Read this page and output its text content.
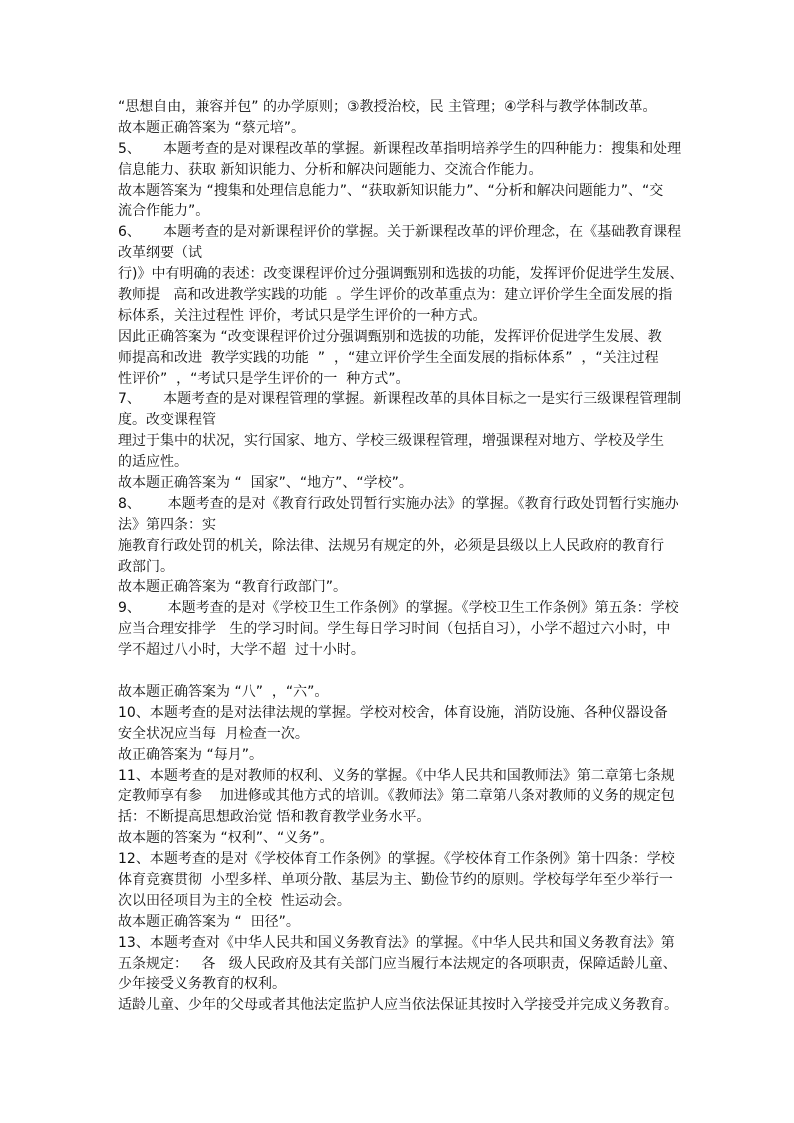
“思想自由，兼容并包” 的办学原则；③教授治校，民 主管理；④学科与教学体制改革。
故本题正确答案为 “蔡元培”。
5、     本题考查的是对课程改革的掌握。新课程改革指明培养学生的四种能力：搜集和处理
信息能力、获取 新知识能力、分析和解决问题能力、交流合作能力。
故本题答案为 “搜集和处理信息能力”、“获取新知识能力”、“分析和解决问题能力”、“交
流合作能力”。
6、     本题考查的是对新课程评价的掌握。关于新课程改革的评价理念，在《基础教育课程
改革纲要（试
行)》中有明确的表述：改变课程评价过分强调甄别和选拔的功能，发挥评价促进学生发展、
教师提   高和改进教学实践的功能  。学生评价的改革重点为：建立评价学生全面发展的指
标体系，关注过程性 评价，考试只是学生评价的一种方式。
因此正确答案为 “改变课程评价过分强调甄别和选拔的功能，发挥评价促进学生发展、教
师提高和改进  教学实践的功能  ”  ，“建立评价学生全面发展的指标体系”  ，“关注过程
性评价”  ，“考试只是学生评价的一  种方式”。
7、     本题考查的是对课程管理的掌握。新课程改革的具体目标之一是实行三级课程管理制
度。改变课程管
理过于集中的状况，实行国家、地方、学校三级课程管理，增强课程对地方、学校及学生
的适应性。
故本题正确答案为 “  国家”、“地方”、“学校”。
8、      本题考查的是对《教育行政处罚暂行实施办法》的掌握。《教育行政处罚暂行实施办
法》第四条：实
施教育行政处罚的机关，除法律、法规另有规定的外，必须是县级以上人民政府的教育行
政部门。
故本题正确答案为 “教育行政部门”。
9、      本题考查的是对《学校卫生工作条例》的掌握。《学校卫生工作条例》第五条：学校
应当合理安排学   生的学习时间。学生每日学习时间（包括自习），小学不超过六小时，中
学不超过八小时，大学不超  过十小时。
故本题正确答案为 “八”  ，“六”。
10、本题考查的是对法律法规的掌握。学校对校舍，体育设施，消防设施、各种仪器设备
安全状况应当每  月检查一次。
故正确答案为 “每月”。
11、本题考查的是对教师的权利、义务的掌握。《中华人民共和国教师法》第二章第七条规
定教师享有参    加进修或其他方式的培训。《教师法》第二章第八条对教师的义务的规定包
括：不断提高思想政治觉 悟和教育教学业务水平。
故本题的答案为 “权利”、“义务”。
12、本题考查的是对《学校体育工作条例》的掌握。《学校体育工作条例》第十四条：学校
体育竞赛贯彻  小型多样、单项分散、基层为主、勤俭节约的原则。学校每学年至少举行一
次以田径项目为主的全校  性运动会。
故本题正确答案为 “  田径”。
13、本题考查对《中华人民共和国义务教育法》的掌握。《中华人民共和国义务教育法》第
五条规定：   各   级人民政府及其有关部门应当履行本法规定的各项职责，保障适龄儿童、
少年接受义务教育的权利。
适龄儿童、少年的父母或者其他法定监护人应当依法保证其按时入学接受并完成义务教育。
